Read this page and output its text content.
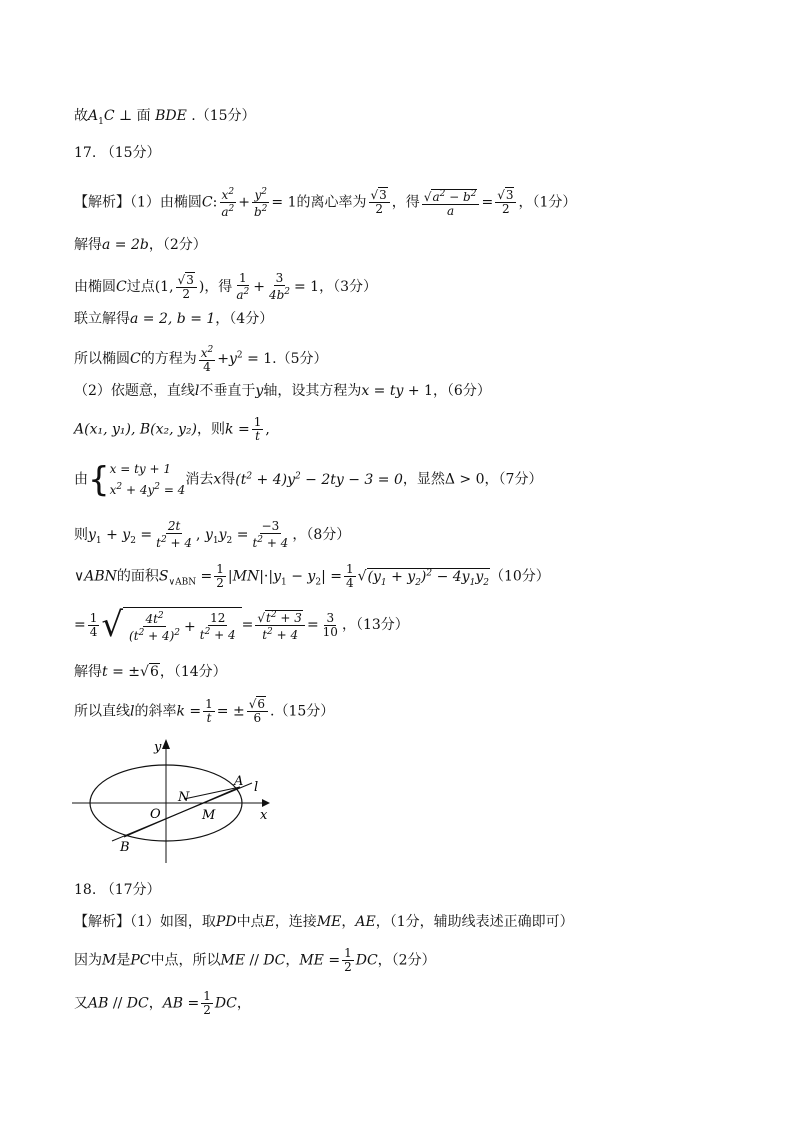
故$A_1C$ ⊥ 面 BDE .（15分）
17. （15分）
【解析】（1）由椭圆C: $\frac{x^2}{a^2} + \frac{y^2}{b^2} = 1$的离心率为 $\frac{√3}{2}$ ，得 $\frac{√a^2 - b^2}{a} = \frac{√3}{2}$ ，（1分）
解得a = 2b，（2分）
由椭圆C过点(1, $\frac{√3}{2}$ )，得 $\frac{1}{a^2} + \frac{3}{4b^2} = 1$，（3分）
联立解得a = 2, b = 1，（4分）
所以椭圆C的方程为 $\frac{x^2}{4} +y^2 = 1.(5$分）
（2）依题意，直线l不垂直于y轴，设其方程为x = ty + 1，（6分）
A(x₁, y₁), B(x₂, y₂)，则$k = \frac{1}{t}$ ,
由 { x = ty + 1
$x^2 + 4y^2 = 4$
消去x得$(t^2 + 4)y^2 - 2ty - 3 = 0$，显然Δ > 0，（7分）
则$y_1 + y_2 = \frac{2t}{t^2 + 4}$ , $y_1y_2 = \frac{-3}{t^2 + 4}$ ，（8分）
∨ABN的面积$S_{\vee ABN} = \frac{1}{2} |MN|\cdot|y_1 - y_2| = \frac{1}{4} √(y_1 + y_2)^2 - 4y_1y_2(10$分）
= $\frac{1}{4}$ √ $\frac{4t^2}{(t^2 + 4)^2} + \frac{12}{t^2 + 4} = \frac{√t^2 + 3}{t^2 + 4} = \frac{3}{10}$ ，（13分）
解得t = ±√6，（14分）
所以直线l的斜率$k = \frac{1}{t}$ = ± $\frac{√6}{6} .(15$分）
y
x
O
N
M
A l
B
18. （17分）
【解析】（1）如图，取PD中点E，连接ME，AE，（1分，辅助线表述正确即可）
因为M是PC中点，所以ME // DC，ME = $\frac{1}{2}$ DC，（2分）
又AB // DC，AB = $\frac{1}{2}$ DC，
